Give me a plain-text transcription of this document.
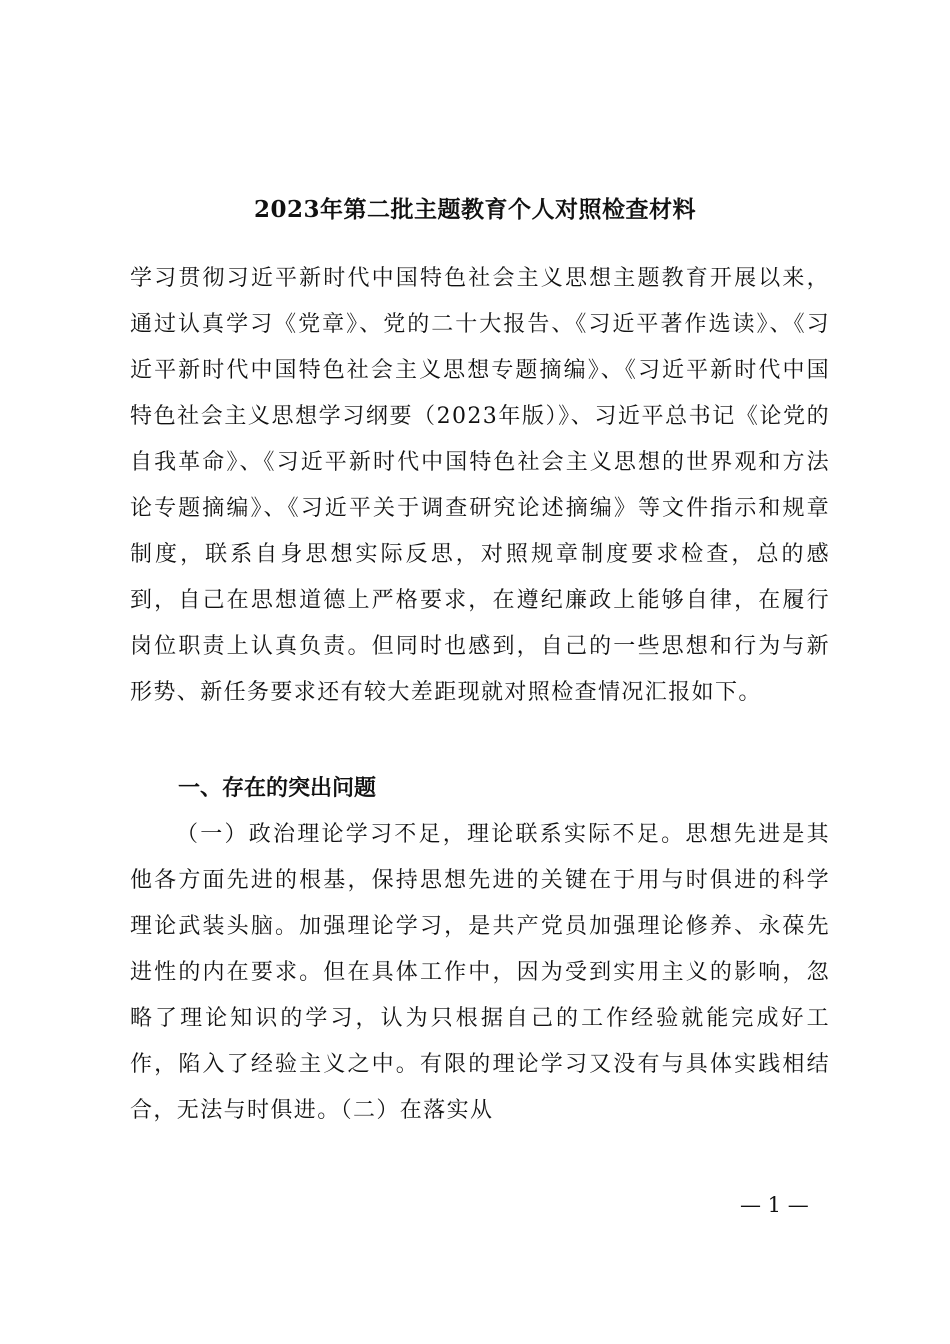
2023年第二批主题教育个人对照检查材料

学习贯彻习近平新时代中国特色社会主义思想主题教育开展以来，通过认真学习《党章》、党的二十大报告、《习近平著作选读》、《习近平新时代中国特色社会主义思想专题摘编》、《习近平新时代中国特色社会主义思想学习纲要（2023年版）》、习近平总书记《论党的自我革命》、《习近平新时代中国特色社会主义思想的世界观和方法论专题摘编》、《习近平关于调查研究论述摘编》等文件指示和规章制度，联系自身思想实际反思，对照规章制度要求检查，总的感到，自己在思想道德上严格要求，在遵纪廉政上能够自律，在履行岗位职责上认真负责。但同时也感到，自己的一些思想和行为与新形势、新任务要求还有较大差距现就对照检查情况汇报如下。

一、存在的突出问题

（一）政治理论学习不足，理论联系实际不足。思想先进是其他各方面先进的根基，保持思想先进的关键在于用与时俱进的科学理论武装头脑。加强理论学习，是共产党员加强理论修养、永葆先进性的内在要求。但在具体工作中，因为受到实用主义的影响，忽略了理论知识的学习，认为只根据自己的工作经验就能完成好工作，陷入了经验主义之中。有限的理论学习又没有与具体实践相结合，无法与时俱进。（二）在落实从

— 1 —
